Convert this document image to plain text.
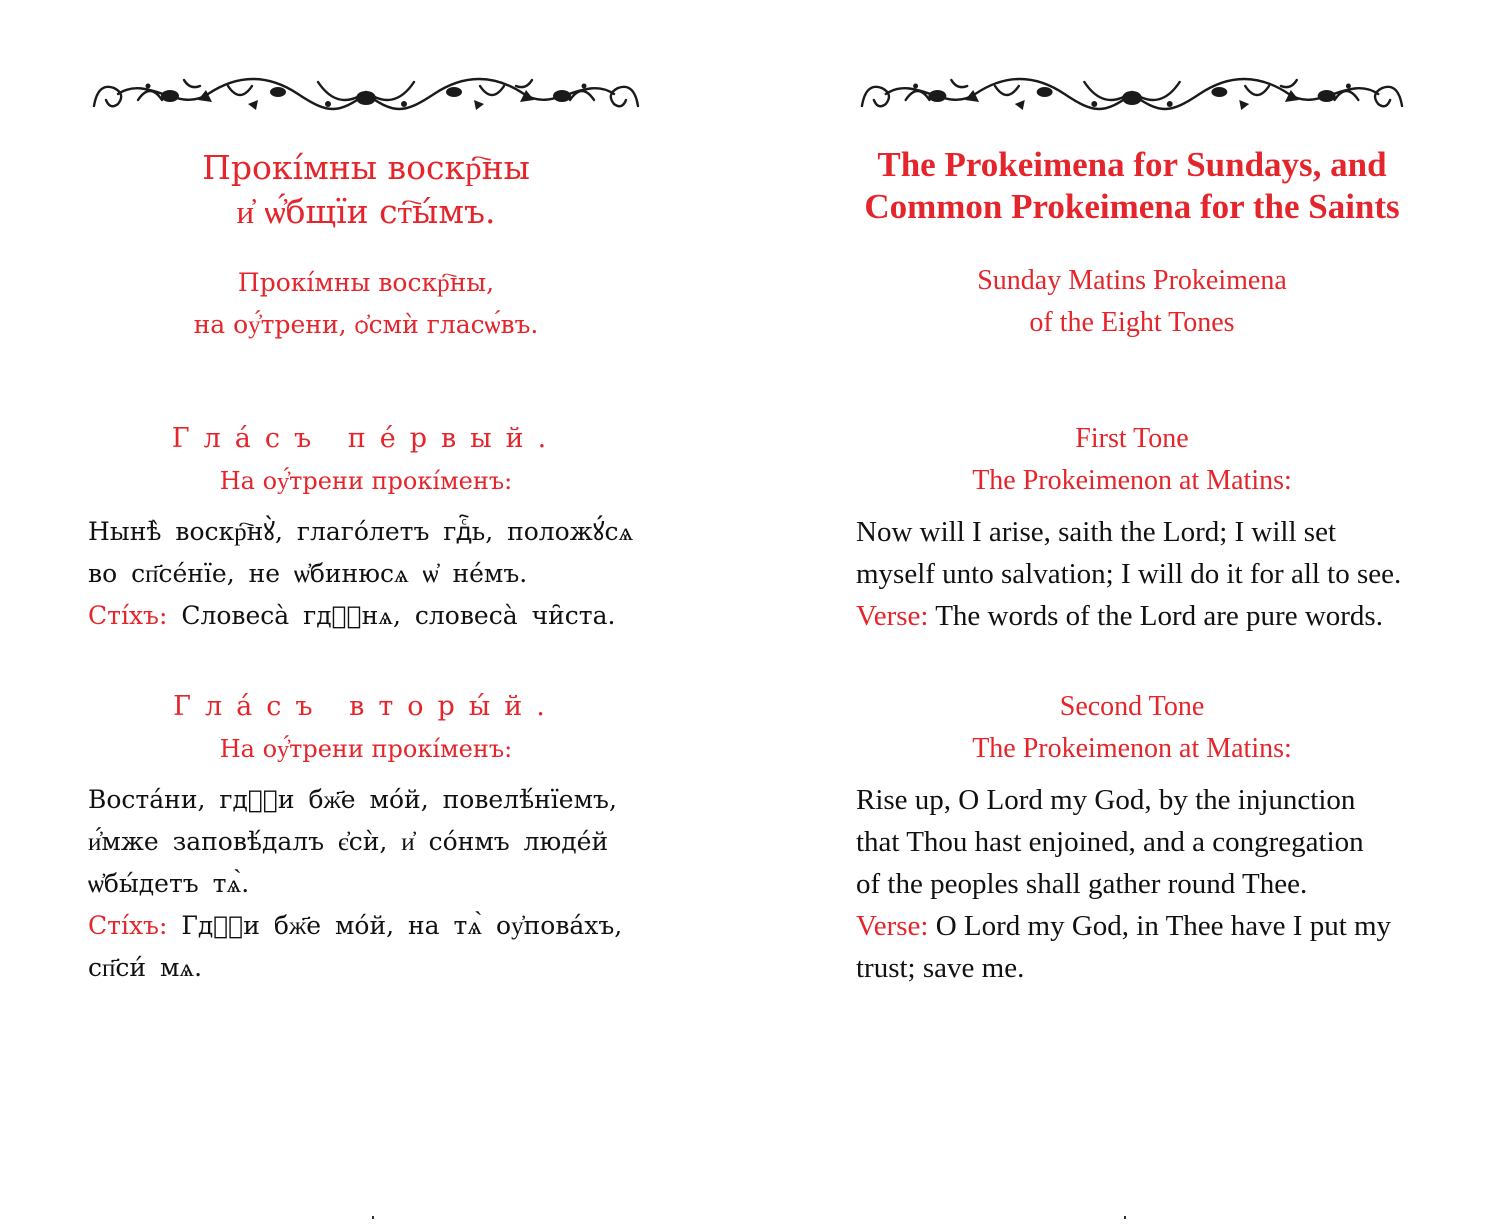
Прокíмны воскр҇ны
и҆ ѡ҆́бщїи ст҇ы́мъ.
Прокíмны воскр҇ны,
на оу҆́трени, ѻ҆смѝ гласѡ́въ.
Гла́съ пе́рвый.
На оу҆́трени прокíменъ:
Нынѣ̀ воскр҇нꙋ̀, глаго́летъ гдⷭ҇ь, положꙋ́сѧ
во сп҃се́нїе, не ѡ҆бинюсѧ ѡ҆ не́мъ.
Сті́хъ: Словеса̀ гдⷭ҇нѧ, словеса̀ чи̑ста.
Гла́съ вторы́й.
На оу҆́трени прокíменъ:
Воста́ни, гдⷭ҇и бж҃е мо́й, повелѣ́нїемъ,
и҆́мже заповѣ́далъ є҆сѝ, и҆ со́нмъ люде́й
ѡ҆бы́детъ тѧ̀.
Сті́хъ: Гдⷭ҇и бж҃е мо́й, на тѧ̀ оу҆пова́хъ,
сп҃си́ мѧ.
The Prokeimena for Sundays, and
Common Prokeimena for the Saints
Sunday Matins Prokeimena
of the Eight Tones
First Tone
The Prokeimenon at Matins:
Now will I arise, saith the Lord; I will set
myself unto salvation; I will do it for all to see.
Verse: The words of the Lord are pure words.
Second Tone
The Prokeimenon at Matins:
Rise up, O Lord my God, by the injunction
that Thou hast enjoined, and a congregation
of the peoples shall gather round Thee.
Verse: O Lord my God, in Thee have I put my
trust; save me.
